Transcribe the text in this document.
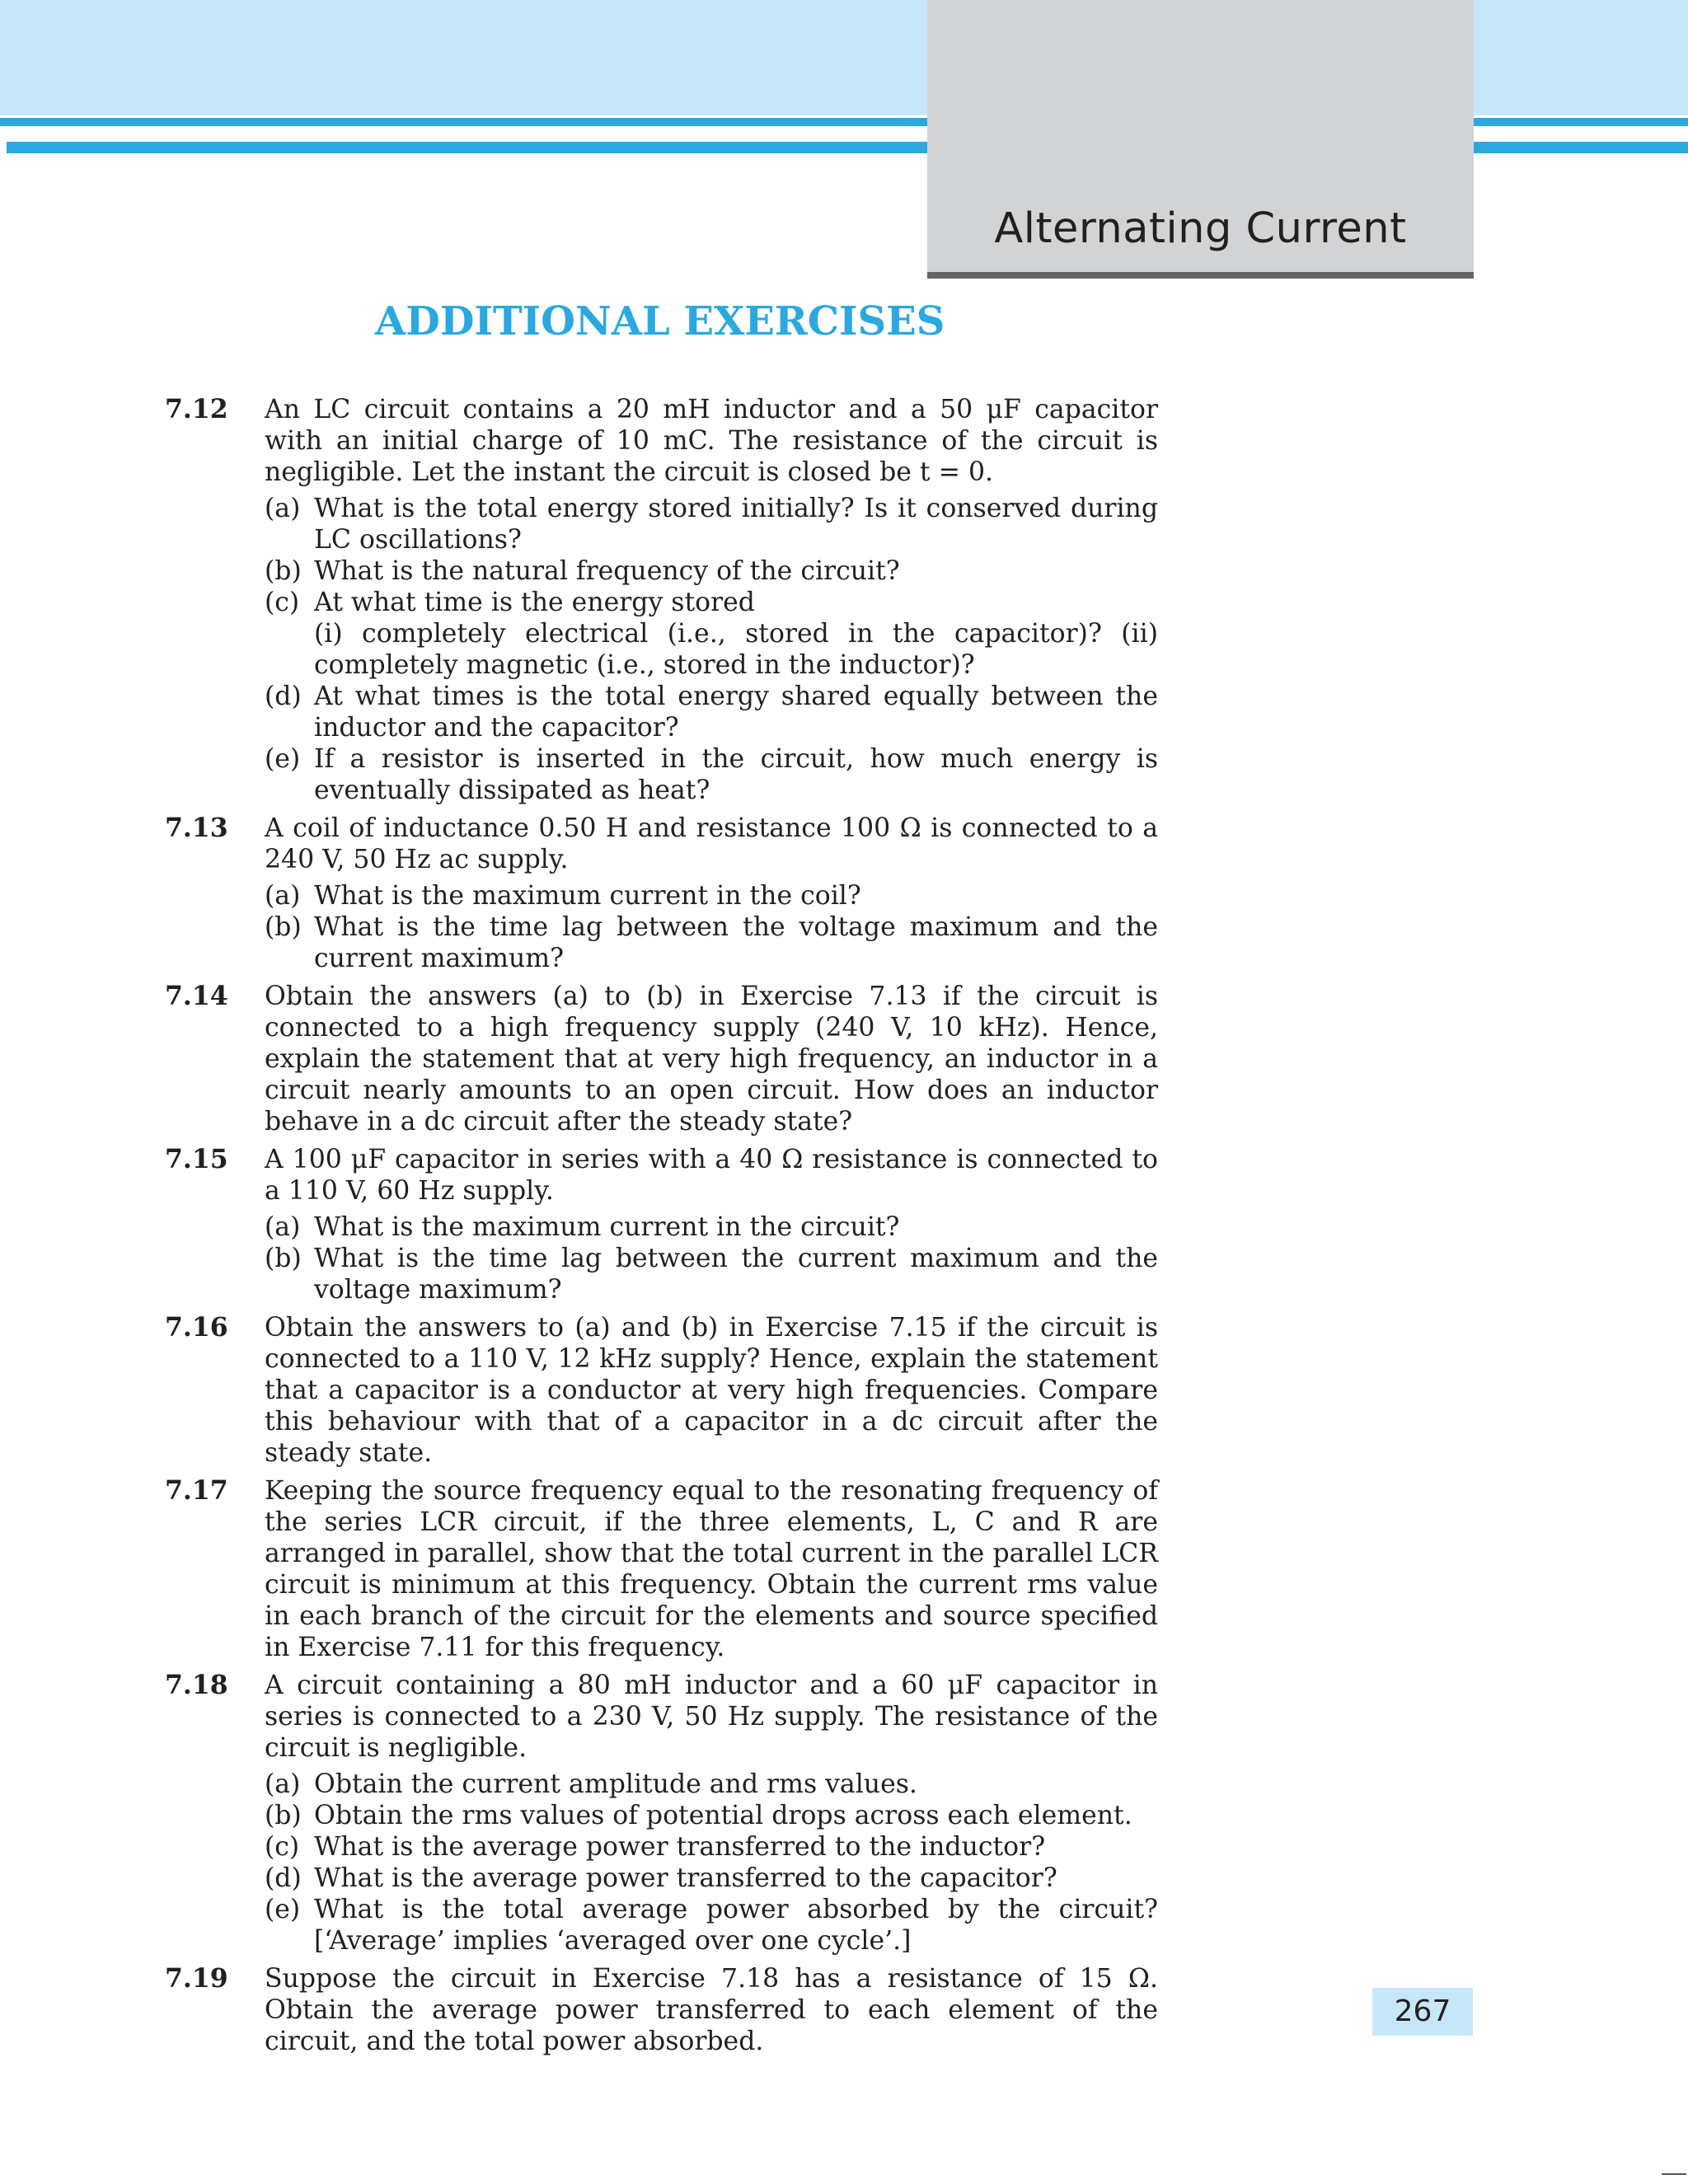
Alternating Current
ADDITIONAL EXERCISES
7.12 An LC circuit contains a 20 mH inductor and a 50 μF capacitor with an initial charge of 10 mC. The resistance of the circuit is negligible. Let the instant the circuit is closed be t = 0.
(a) What is the total energy stored initially? Is it conserved during LC oscillations?
(b) What is the natural frequency of the circuit?
(c) At what time is the energy stored
(i) completely electrical (i.e., stored in the capacitor)? (ii) completely magnetic (i.e., stored in the inductor)?
(d) At what times is the total energy shared equally between the inductor and the capacitor?
(e) If a resistor is inserted in the circuit, how much energy is eventually dissipated as heat?
7.13 A coil of inductance 0.50 H and resistance 100 Ω is connected to a 240 V, 50 Hz ac supply.
(a) What is the maximum current in the coil?
(b) What is the time lag between the voltage maximum and the current maximum?
7.14 Obtain the answers (a) to (b) in Exercise 7.13 if the circuit is connected to a high frequency supply (240 V, 10 kHz). Hence, explain the statement that at very high frequency, an inductor in a circuit nearly amounts to an open circuit. How does an inductor behave in a dc circuit after the steady state?
7.15 A 100 μF capacitor in series with a 40 Ω resistance is connected to a 110 V, 60 Hz supply.
(a) What is the maximum current in the circuit?
(b) What is the time lag between the current maximum and the voltage maximum?
7.16 Obtain the answers to (a) and (b) in Exercise 7.15 if the circuit is connected to a 110 V, 12 kHz supply? Hence, explain the statement that a capacitor is a conductor at very high frequencies. Compare this behaviour with that of a capacitor in a dc circuit after the steady state.
7.17 Keeping the source frequency equal to the resonating frequency of the series LCR circuit, if the three elements, L, C and R are arranged in parallel, show that the total current in the parallel LCR circuit is minimum at this frequency. Obtain the current rms value in each branch of the circuit for the elements and source specified in Exercise 7.11 for this frequency.
7.18 A circuit containing a 80 mH inductor and a 60 μF capacitor in series is connected to a 230 V, 50 Hz supply. The resistance of the circuit is negligible.
(a) Obtain the current amplitude and rms values.
(b) Obtain the rms values of potential drops across each element.
(c) What is the average power transferred to the inductor?
(d) What is the average power transferred to the capacitor?
(e) What is the total average power absorbed by the circuit? [‘Average’ implies ‘averaged over one cycle’.]
7.19 Suppose the circuit in Exercise 7.18 has a resistance of 15 Ω. Obtain the average power transferred to each element of the circuit, and the total power absorbed.
267
